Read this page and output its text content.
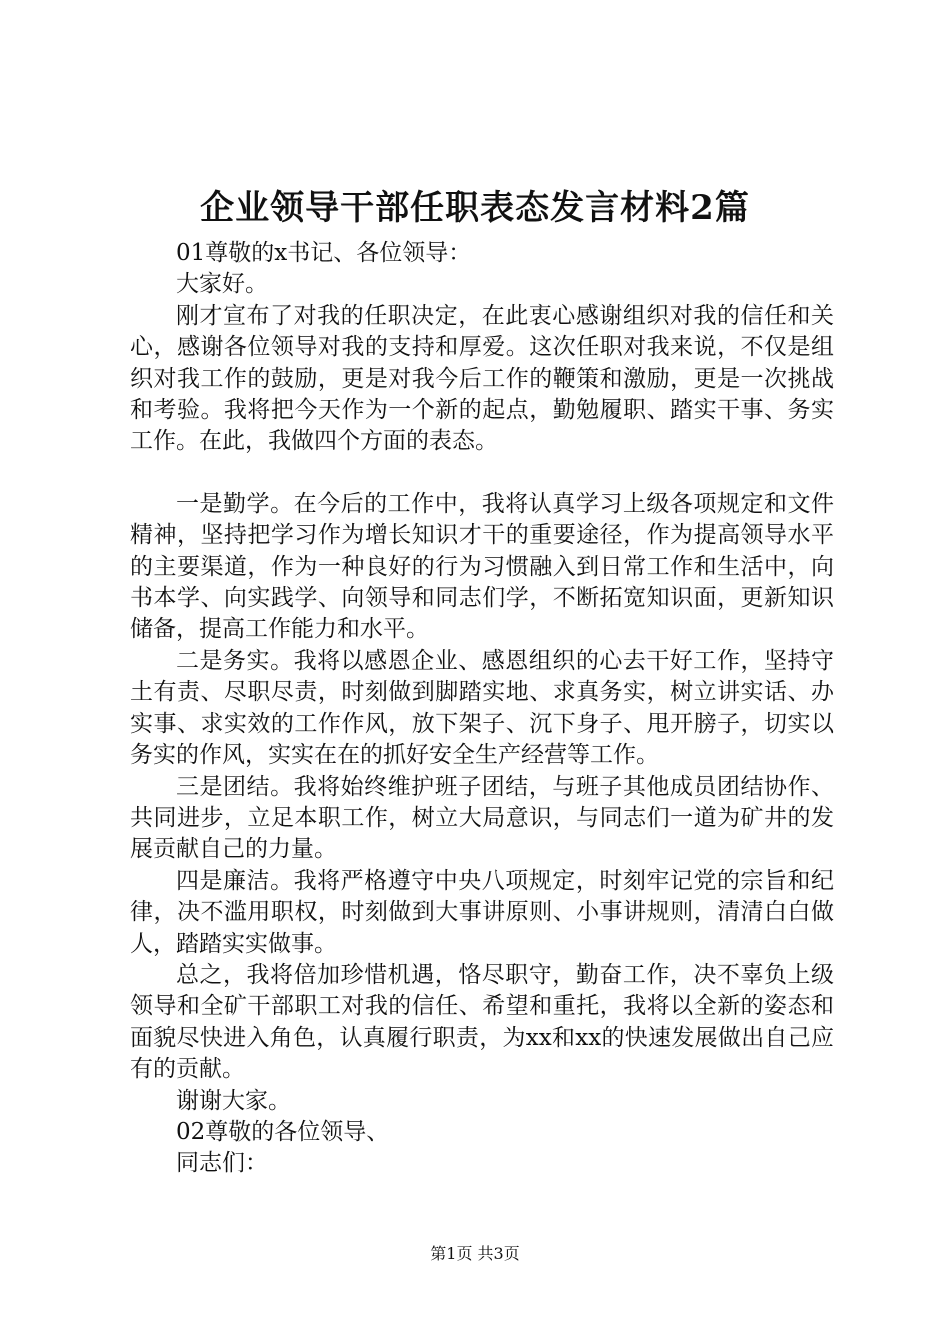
企业领导干部任职表态发言材料2篇

01尊敬的x书记、各位领导：

大家好。

刚才宣布了对我的任职决定，在此衷心感谢组织对我的信任和关心，感谢各位领导对我的支持和厚爱。这次任职对我来说，不仅是组织对我工作的鼓励，更是对我今后工作的鞭策和激励，更是一次挑战和考验。我将把今天作为一个新的起点，勤勉履职、踏实干事、务实工作。在此，我做四个方面的表态。

一是勤学。在今后的工作中，我将认真学习上级各项规定和文件精神，坚持把学习作为增长知识才干的重要途径，作为提高领导水平的主要渠道，作为一种良好的行为习惯融入到日常工作和生活中，向书本学、向实践学、向领导和同志们学，不断拓宽知识面，更新知识储备，提高工作能力和水平。

二是务实。我将以感恩企业、感恩组织的心去干好工作，坚持守土有责、尽职尽责，时刻做到脚踏实地、求真务实，树立讲实话、办实事、求实效的工作作风，放下架子、沉下身子、甩开膀子，切实以务实的作风，实实在在的抓好安全生产经营等工作。

三是团结。我将始终维护班子团结，与班子其他成员团结协作、共同进步，立足本职工作，树立大局意识，与同志们一道为矿井的发展贡献自己的力量。

四是廉洁。我将严格遵守中央八项规定，时刻牢记党的宗旨和纪律，决不滥用职权，时刻做到大事讲原则、小事讲规则，清清白白做人，踏踏实实做事。

总之，我将倍加珍惜机遇，恪尽职守，勤奋工作，决不辜负上级领导和全矿干部职工对我的信任、希望和重托，我将以全新的姿态和面貌尽快进入角色，认真履行职责，为xx和xx的快速发展做出自己应有的贡献。

谢谢大家。

02尊敬的各位领导、

同志们：

第1页 共3页
